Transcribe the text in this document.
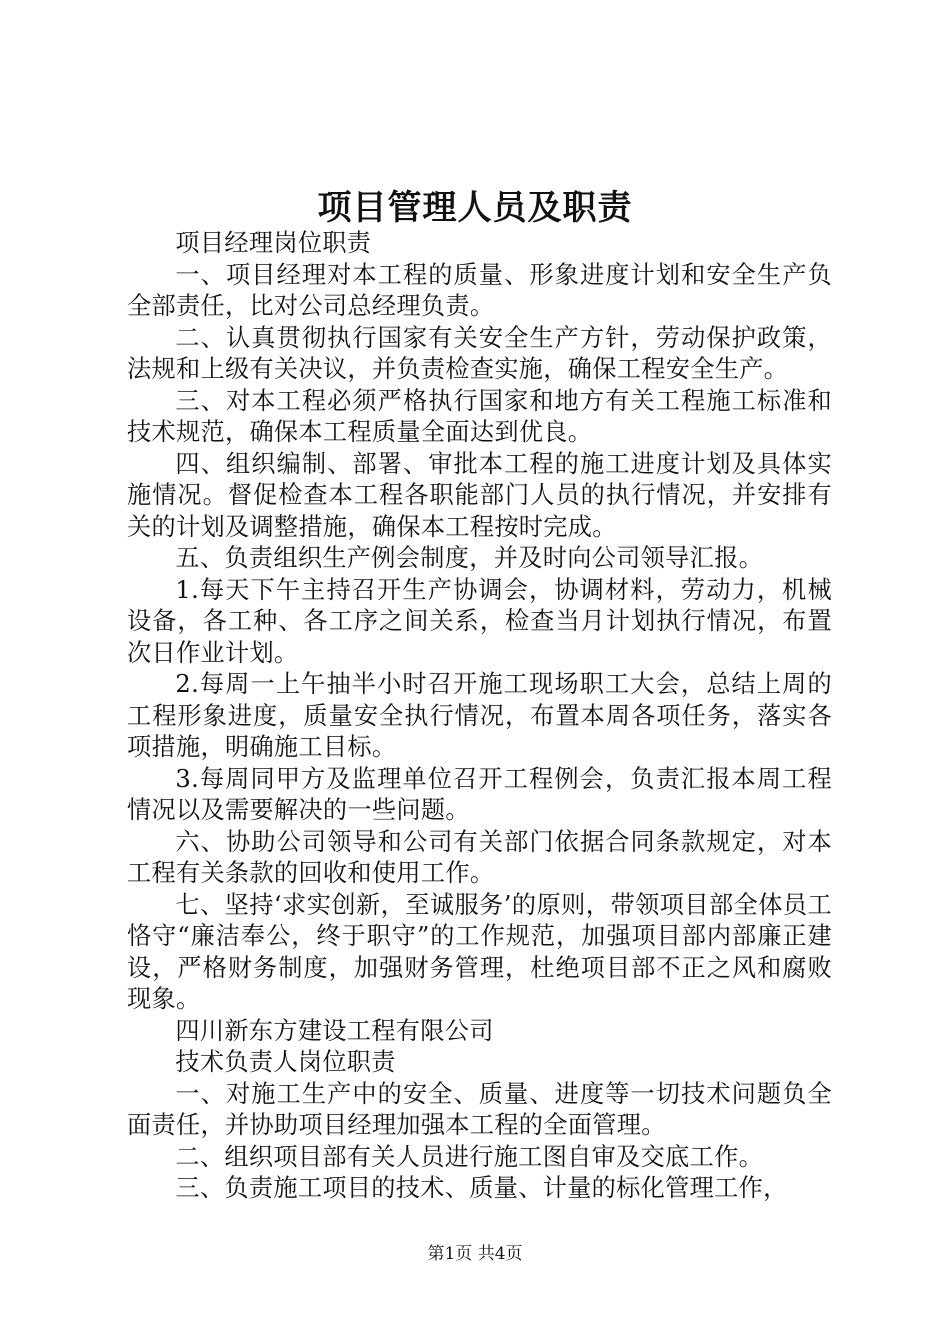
项目管理人员及职责

项目经理岗位职责

一、项目经理对本工程的质量、形象进度计划和安全生产负全部责任，比对公司总经理负责。

二、认真贯彻执行国家有关安全生产方针，劳动保护政策，法规和上级有关决议，并负责检查实施，确保工程安全生产。

三、对本工程必须严格执行国家和地方有关工程施工标准和技术规范，确保本工程质量全面达到优良。

四、组织编制、部署、审批本工程的施工进度计划及具体实施情况。督促检查本工程各职能部门人员的执行情况，并安排有关的计划及调整措施，确保本工程按时完成。

五、负责组织生产例会制度，并及时向公司领导汇报。

1.每天下午主持召开生产协调会，协调材料，劳动力，机械设备，各工种、各工序之间关系，检查当月计划执行情况，布置次日作业计划。

2.每周一上午抽半小时召开施工现场职工大会，总结上周的工程形象进度，质量安全执行情况，布置本周各项任务，落实各项措施，明确施工目标。

3.每周同甲方及监理单位召开工程例会，负责汇报本周工程情况以及需要解决的一些问题。

六、协助公司领导和公司有关部门依据合同条款规定，对本工程有关条款的回收和使用工作。

七、坚持‘求实创新，至诚服务’的原则，带领项目部全体员工恪守“廉洁奉公，终于职守”的工作规范，加强项目部内部廉正建设，严格财务制度，加强财务管理，杜绝项目部不正之风和腐败现象。

四川新东方建设工程有限公司

技术负责人岗位职责

一、对施工生产中的安全、质量、进度等一切技术问题负全面责任，并协助项目经理加强本工程的全面管理。

二、组织项目部有关人员进行施工图自审及交底工作。

三、负责施工项目的技术、质量、计量的标化管理工作，

第1页 共4页
